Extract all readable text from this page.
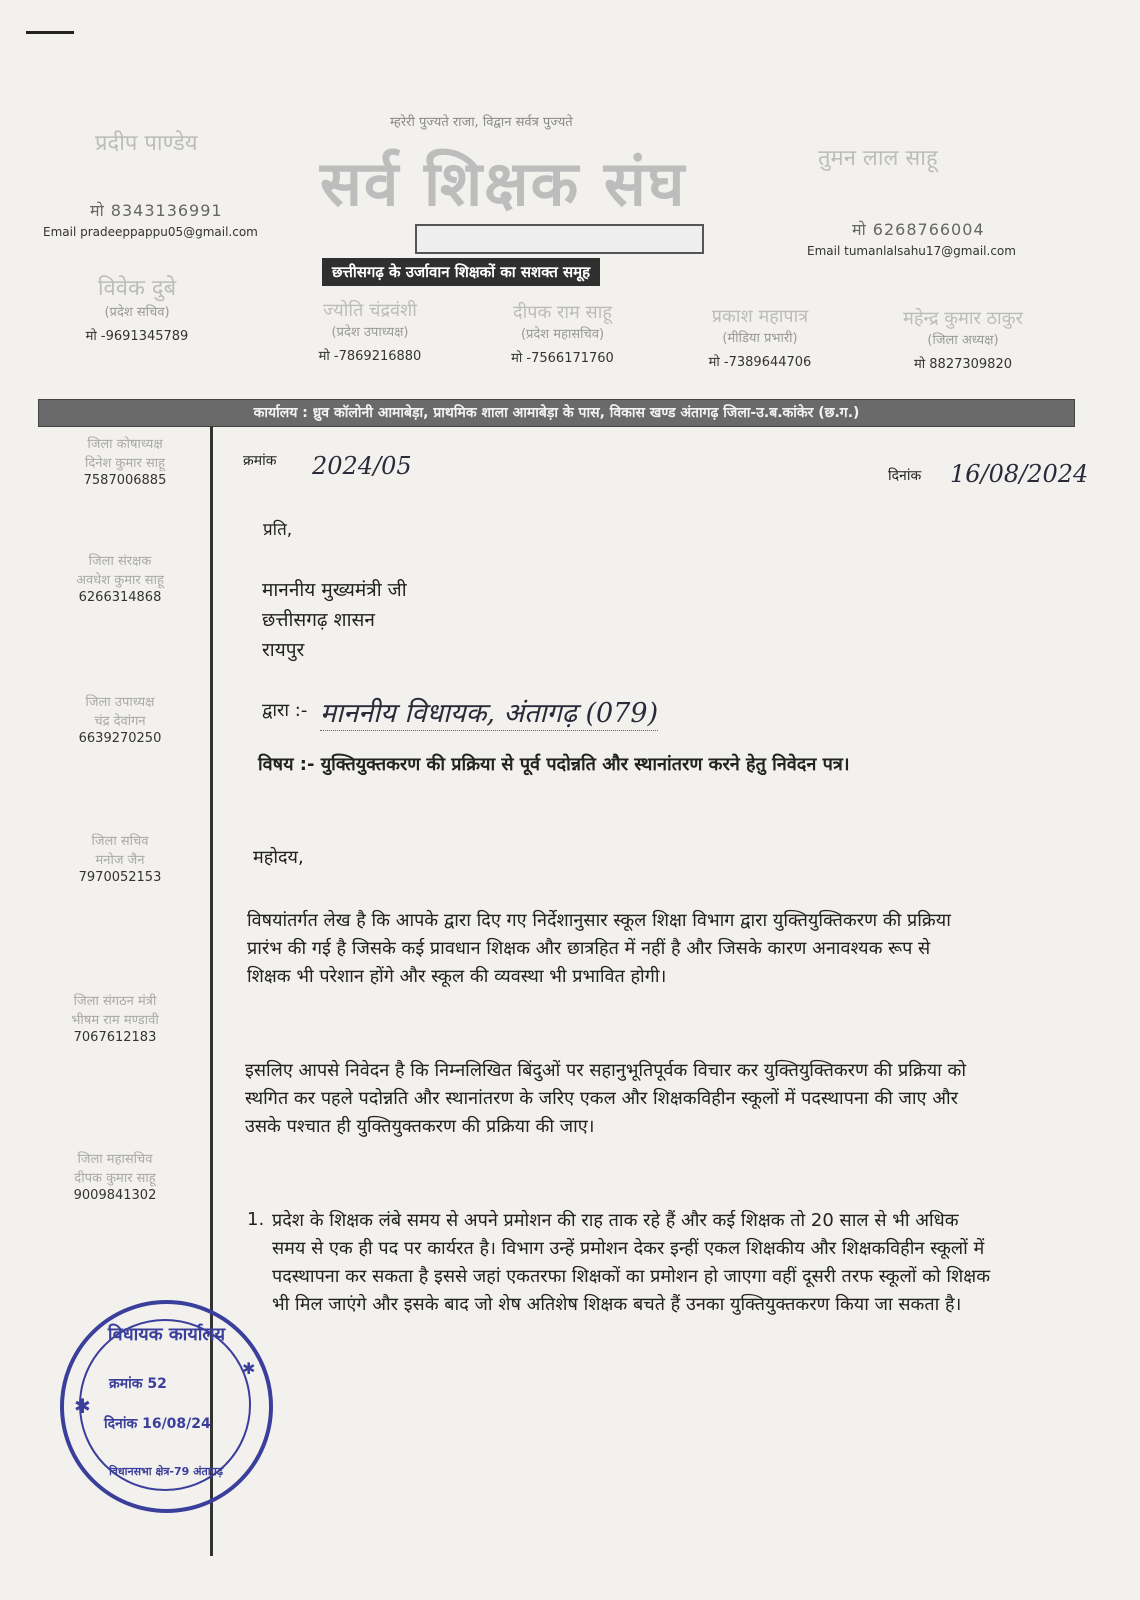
म्हरेरी पुज्यते राजा, विद्वान सर्वत्र पुज्यते
सर्व शिक्षक संघ
छत्तीसगढ़ के उर्जावान शिक्षकों का सशक्त समूह
प्रदीप पाण्डेय
मो 8343136991
Email pradeeppappu05@gmail.com
तुमन लाल साहू
मो 6268766004
Email tumanlalsahu17@gmail.com
विवेक दुबे
(प्रदेश सचिव)
मो -9691345789
ज्योति चंद्रवंशी
(प्रदेश उपाध्यक्ष)
मो -7869216880
दीपक राम साहू
(प्रदेश महासचिव)
मो -7566171760
प्रकाश महापात्र
(मीडिया प्रभारी)
मो -7389644706
महेन्द्र कुमार ठाकुर
(जिला अध्यक्ष)
मो 8827309820
कार्यालय : ध्रुव कॉलोनी आमाबेड़ा, प्राथमिक शाला आमाबेड़ा के पास, विकास खण्ड अंतागढ़ जिला-उ.ब.कांकेर (छ.ग.)
जिला कोषाध्यक्ष
दिनेश कुमार साहू
7587006885
जिला संरक्षक
अवधेश कुमार साहू
6266314868
जिला उपाध्यक्ष
चंद्र देवांगन
6639270250
जिला सचिव
मनोज जैन
7970052153
जिला संगठन मंत्री
भीषम राम मण्डावी
7067612183
जिला महासचिव
दीपक कुमार साहू
9009841302
क्रमांक 2024/05	दिनांक 16/08/2024
प्रति,
माननीय मुख्यमंत्री जी
छत्तीसगढ़ शासन
रायपुर
द्वारा :- माननीय विधायक, अंतागढ़ (079)
विषय :- युक्तियुक्तकरण की प्रक्रिया से पूर्व पदोन्नति और स्थानांतरण करने हेतु निवेदन पत्र।
महोदय,
विषयांतर्गत लेख है कि आपके द्वारा दिए गए निर्देशानुसार स्कूल शिक्षा विभाग द्वारा युक्तियुक्तिकरण की प्रक्रिया प्रारंभ की गई है जिसके कई प्रावधान शिक्षक और छात्रहित में नहीं है और जिसके कारण अनावश्यक रूप से शिक्षक भी परेशान होंगे और स्कूल की व्यवस्था भी प्रभावित होगी।
इसलिए आपसे निवेदन है कि निम्नलिखित बिंदुओं पर सहानुभूतिपूर्वक विचार कर युक्तियुक्तिकरण की प्रक्रिया को स्थगित कर पहले पदोन्नति और स्थानांतरण के जरिए एकल और शिक्षकविहीन स्कूलों में पदस्थापना की जाए और उसके पश्चात ही युक्तियुक्तकरण की प्रक्रिया की जाए।
1. प्रदेश के शिक्षक लंबे समय से अपने प्रमोशन की राह ताक रहे हैं और कई शिक्षक तो 20 साल से भी अधिक समय से एक ही पद पर कार्यरत है। विभाग उन्हें प्रमोशन देकर इन्हीं एकल शिक्षकीय और शिक्षकविहीन स्कूलों में पदस्थापना कर सकता है इससे जहां एकतरफा शिक्षकों का प्रमोशन हो जाएगा वहीं दूसरी तरफ स्कूलों को शिक्षक भी मिल जाएंगे और इसके बाद जो शेष अतिशेष शिक्षक बचते हैं उनका युक्तियुक्तकरण किया जा सकता है।
विधायक कार्यालय
क्रमांक 52
दिनांक 16/08/24
विधानसभा क्षेत्र-79 अंतागढ़
✱
✱
